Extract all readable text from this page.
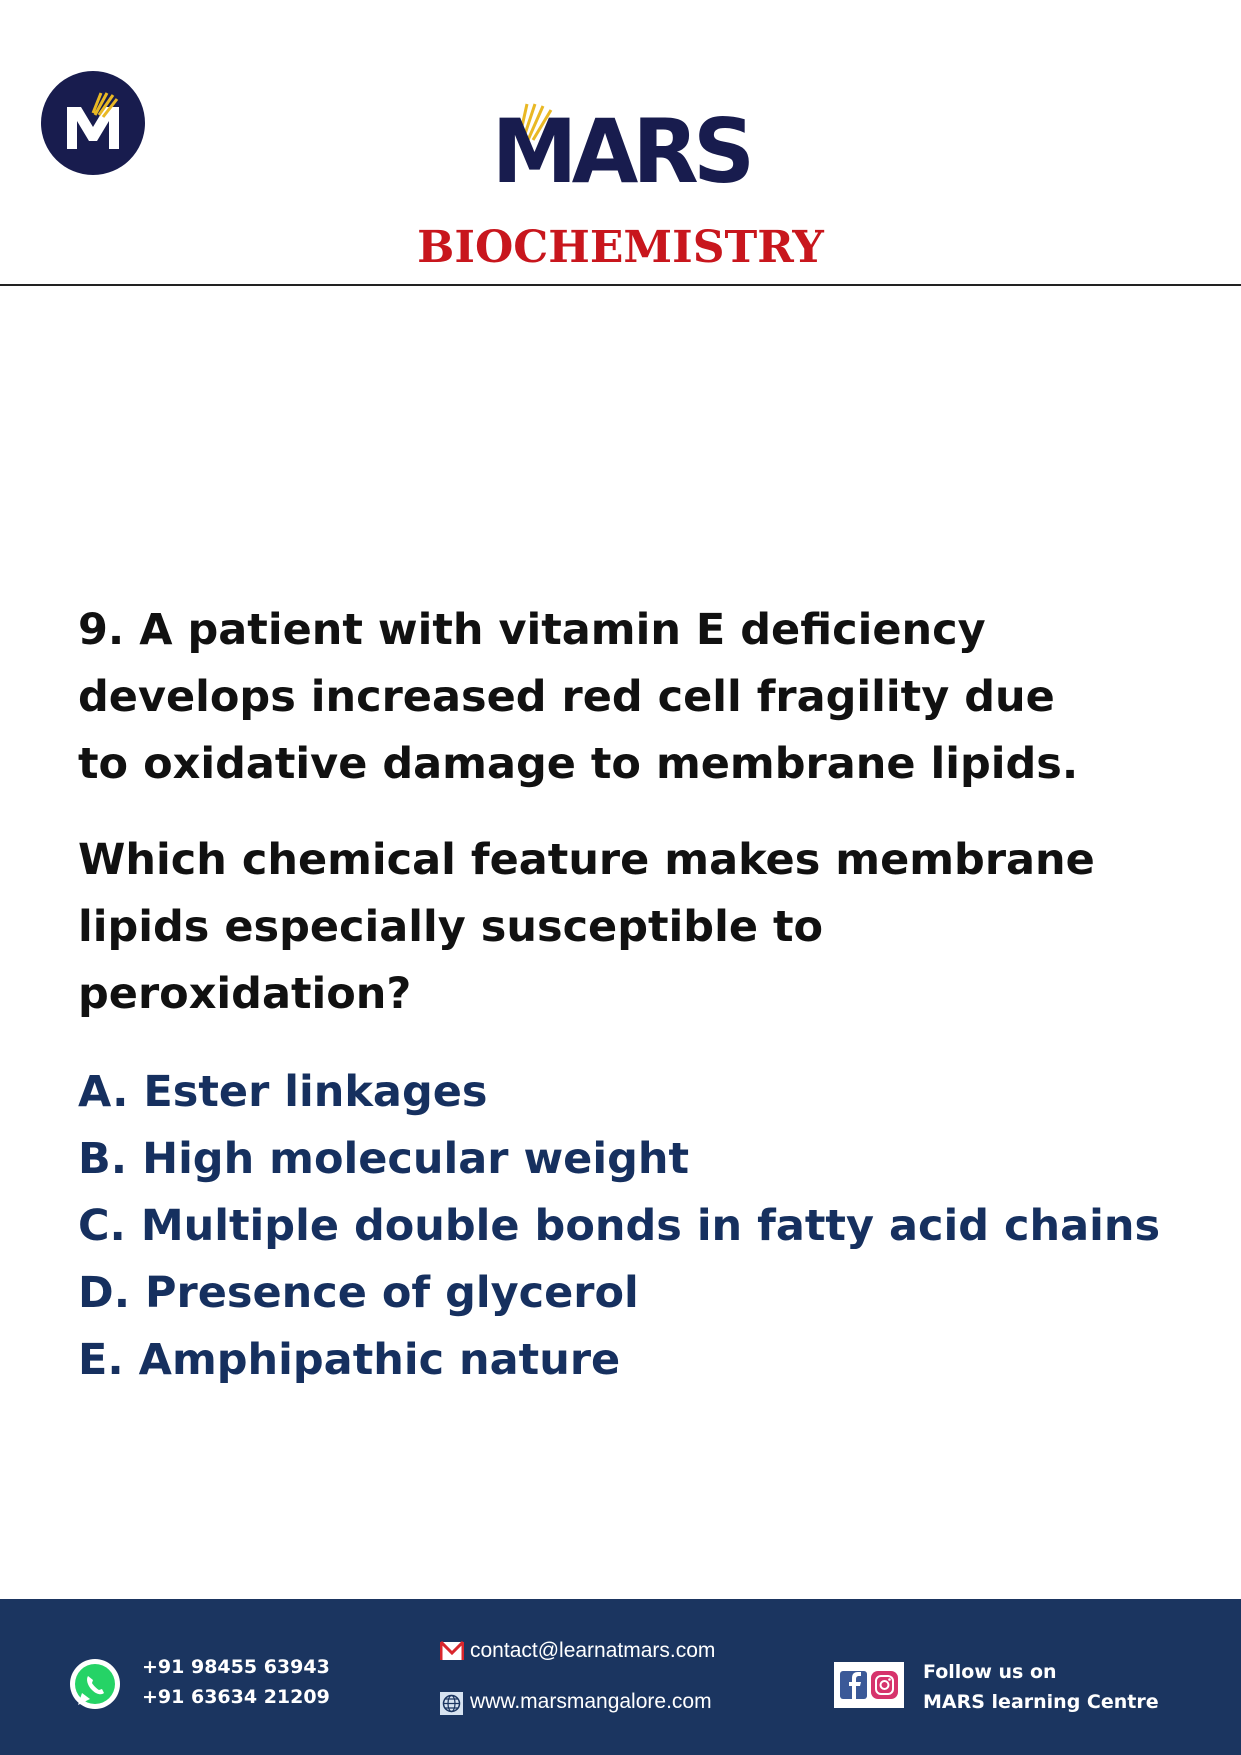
MARS
BIOCHEMISTRY
9. A patient with vitamin E deficiency
develops increased red cell fragility due
to oxidative damage to membrane lipids.
Which chemical feature makes membrane
lipids especially susceptible to
peroxidation?
A. Ester linkages
B. High molecular weight
C. Multiple double bonds in fatty acid chains
D. Presence of glycerol
E. Amphipathic nature
+91 98455 63943
+91 63634 21209
contact@learnatmars.com
www.marsmangalore.com
Follow us on
MARS learning Centre
